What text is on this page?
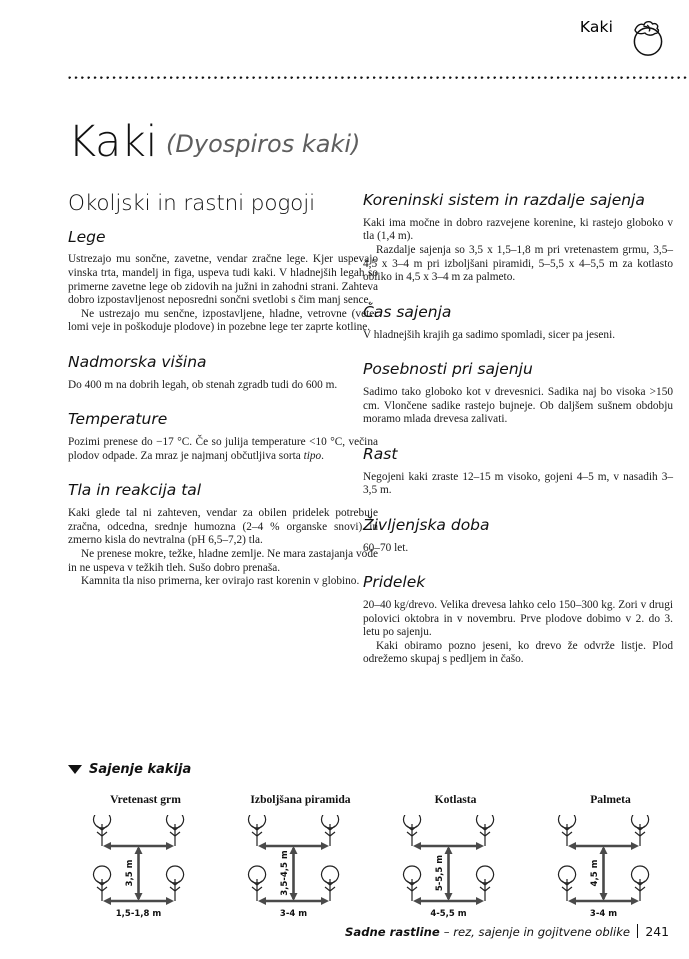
Kaki
Kaki (Dyospiros kaki)
Okoljski in rastni pogoji
Lege

Ustrezajo mu sončne, zavetne, vendar zračne lege. Kjer uspevajo vinska trta, mandelj in figa, uspeva tudi kaki. V hladnejših legah so primerne zavetne lege ob zidovih na južni in zahodni strani. Zahteva dobro izpostavljenost neposredni sončni svetlobi s čim manj sence.

Ne ustrezajo mu senčne, izpostavljene, hladne, vetrovne (veter lomi veje in poškoduje plodove) in pozebne lege ter zaprte kotline.

Nadmorska višina

Do 400 m na dobrih legah, ob stenah zgradb tudi do 600 m.

Temperature

Pozimi prenese do −17 °C. Če so julija temperature <10 °C, večina plodov odpade. Za mraz je najmanj občutljiva sorta tipo.

Tla in reakcija tal

Kaki glede tal ni zahteven, vendar za obilen pridelek potrebuje zračna, odcedna, srednje humozna (2–4 % organske snovi) in zmerno kisla do nevtralna (pH 6,5–7,2) tla.

Ne prenese mokre, težke, hladne zemlje. Ne mara zastajanja vode in ne uspeva v težkih tleh. Sušo dobro prenaša.

Kamnita tla niso primerna, ker ovirajo rast korenin v globino.

Koreninski sistem in razdalje sajenja

Kaki ima močne in dobro razvejene korenine, ki rastejo globoko v tla (1,4 m).

Razdalje sajenja so 3,5 x 1,5–1,8 m pri vretenastem grmu, 3,5–4,5 x 3–4 m pri izboljšani piramidi, 5–5,5 x 4–5,5 m za kotlasto obliko in 4,5 x 3–4 m za palmeto.

Čas sajenja

V hladnejših krajih ga sadimo spomladi, sicer pa jeseni.

Posebnosti pri sajenju

Sadimo tako globoko kot v drevesnici. Sadika naj bo visoka >150 cm. Vlončene sadike rastejo bujneje. Ob daljšem sušnem obdobju moramo mlada drevesa zalivati.

Rast

Negojeni kaki zraste 12–15 m visoko, gojeni 4–5 m, v nasadih 3–3,5 m.

Življenjska doba

60–70 let.

Pridelek

20–40 kg/drevo. Velika drevesa lahko celo 150–300 kg. Zori v drugi polovici oktobra in v novembru. Prve plodove dobimo v 2. do 3. letu po sajenju.

Kaki obiramo pozno jeseni, ko drevo že odvrže listje. Plod odrežemo skupaj s pedljem in čašo.

Sajenje kakija
Vretenast grm
3,5 m
1,5-1,8 m
Izboljšana piramida
3,5-4,5 m
3-4 m
Kotlasta
5-5,5 m
4-5,5 m
Palmeta
4,5 m
3-4 m
Sadne rastline – rez, sajenje in gojitvene oblike 241
